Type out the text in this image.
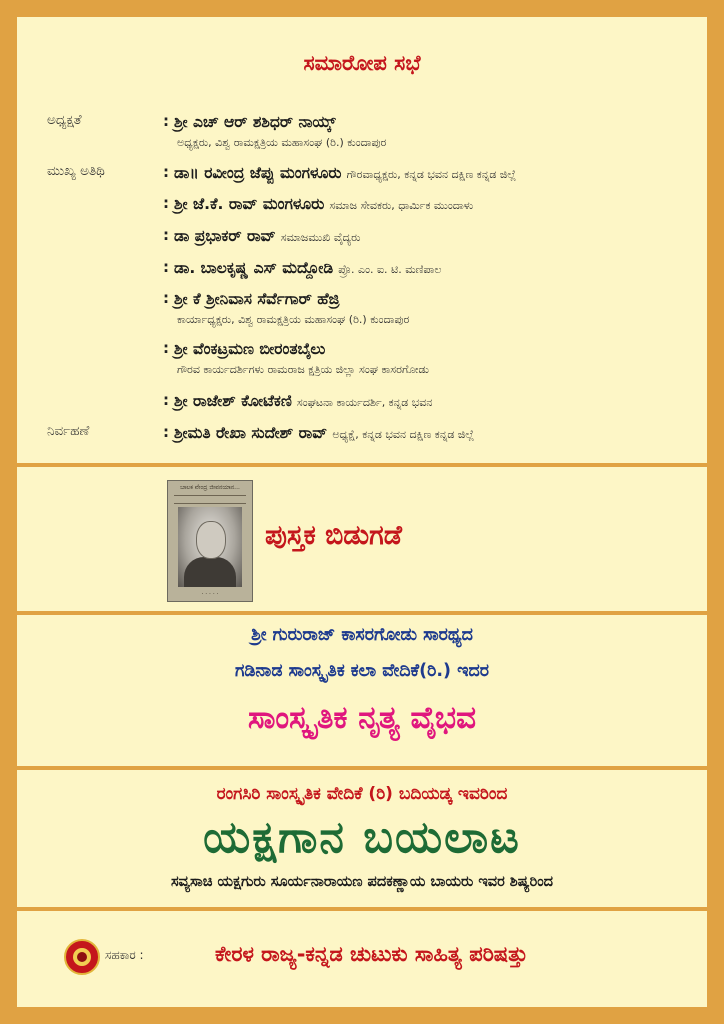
ಸಮಾರೋಪ ಸಭೆ
ಅಧ್ಯಕ್ಷತೆ	: ಶ್ರೀ ಎಚ್ ಆರ್ ಶಶಿಧರ್ ನಾಯ್ಕ್
ಅಧ್ಯಕ್ಷರು, ವಿಶ್ವ ರಾಮಕ್ಷತ್ರಿಯ ಮಹಾಸಂಘ (ರಿ.) ಕುಂದಾಪುರ
ಮುಖ್ಯ ಅತಿಥಿ	: ಡಾ॥ ರವೀಂದ್ರ ಜೆಪ್ಪು ಮಂಗಳೂರು ಗೌರವಾಧ್ಯಕ್ಷರು, ಕನ್ನಡ ಭವನ ದಕ್ಷಿಣ ಕನ್ನಡ ಜಿಲ್ಲೆ
: ಶ್ರೀ ಜೆ.ಕೆ. ರಾವ್ ಮಂಗಳೂರು ಸಮಾಜ ಸೇವಕರು, ಧಾರ್ಮಿಕ ಮುಂದಾಳು
: ಡಾ ಪ್ರಭಾಕರ್ ರಾವ್ ಸಮಾಜಮುಖಿ ವೈದ್ಯರು
: ಡಾ. ಬಾಲಕೃಷ್ಣ ಎಸ್ ಮದ್ದೋಡಿ ಪ್ರೊ. ಎಂ. ಐ. ಟಿ. ಮಣಿಪಾಲ
: ಶ್ರೀ ಕೆ ಶ್ರೀನಿವಾಸ ಸೆರ್ವೆಗಾರ್ ಹೆಜ್ರಿ
ಕಾರ್ಯಾಧ್ಯಕ್ಷರು, ವಿಶ್ವ ರಾಮಕ್ಷತ್ರಿಯ ಮಹಾಸಂಘ (ರಿ.) ಕುಂದಾಪುರ
: ಶ್ರೀ ವೆಂಕಟ್ರಮಣ ಬೀರಂತಬೈಲು
ಗೌರವ ಕಾರ್ಯದರ್ಶಿಗಳು ರಾಮರಾಜ ಕ್ಷತ್ರಿಯ ಜಿಲ್ಲಾ ಸಂಘ ಕಾಸರಗೋಡು
: ಶ್ರೀ ರಾಜೇಶ್ ಕೋಟೆಕಣಿ ಸಂಘಟನಾ ಕಾರ್ಯದರ್ಶಿ, ಕನ್ನಡ ಭವನ
ನಿರ್ವಹಣೆ	: ಶ್ರೀಮತಿ ರೇಖಾ ಸುದೇಶ್ ರಾವ್ ಅಧ್ಯಕ್ಷೆ, ಕನ್ನಡ ಭವನ ದಕ್ಷಿಣ ಕನ್ನಡ ಜಿಲ್ಲೆ
ಬಾಲಕ ವೇಂದ್ರ ಜೀವನಯಾನ...
· · · · ·
ಪುಸ್ತಕ ಬಿಡುಗಡೆ
ಶ್ರೀ ಗುರುರಾಜ್ ಕಾಸರಗೋಡು ಸಾರಥ್ಯದ
ಗಡಿನಾಡ ಸಾಂಸ್ಕೃತಿಕ ಕಲಾ ವೇದಿಕೆ(ರಿ.) ಇದರ
ಸಾಂಸ್ಕೃತಿಕ ನೃತ್ಯ ವೈಭವ
ರಂಗಸಿರಿ ಸಾಂಸ್ಕೃತಿಕ ವೇದಿಕೆ (ರಿ) ಬದಿಯಡ್ಕ ಇವರಿಂದ
ಯಕ್ಷಗಾನ ಬಯಲಾಟ
ಸವ್ಯಸಾಚಿ ಯಕ್ಷಗುರು ಸೂರ್ಯನಾರಾಯಣ ಪದಕಣ್ಣಾಯ ಬಾಯರು ಇವರ ಶಿಷ್ಯರಿಂದ
ಸಹಕಾರ :	ಕೇರಳ ರಾಜ್ಯ-ಕನ್ನಡ ಚುಟುಕು ಸಾಹಿತ್ಯ ಪರಿಷತ್ತು
